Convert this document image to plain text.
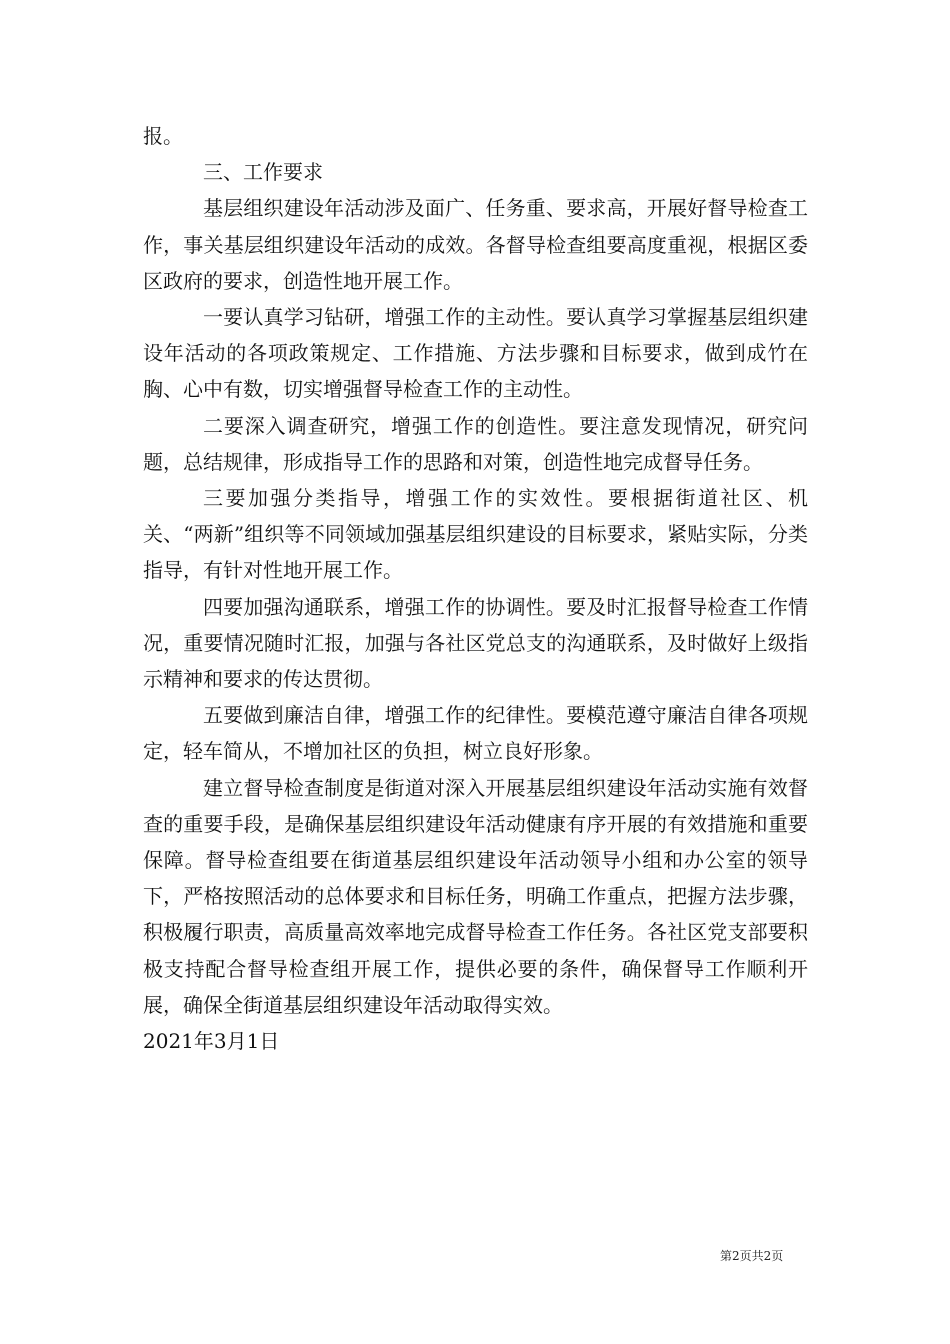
报。

三、工作要求

基层组织建设年活动涉及面广、任务重、要求高，开展好督导检查工作，事关基层组织建设年活动的成效。各督导检查组要高度重视，根据区委区政府的要求，创造性地开展工作。

一要认真学习钻研，增强工作的主动性。要认真学习掌握基层组织建设年活动的各项政策规定、工作措施、方法步骤和目标要求，做到成竹在胸、心中有数，切实增强督导检查工作的主动性。

二要深入调查研究，增强工作的创造性。要注意发现情况，研究问题，总结规律，形成指导工作的思路和对策，创造性地完成督导任务。

三要加强分类指导，增强工作的实效性。要根据街道社区、机关、“两新”组织等不同领域加强基层组织建设的目标要求，紧贴实际，分类指导，有针对性地开展工作。

四要加强沟通联系，增强工作的协调性。要及时汇报督导检查工作情况，重要情况随时汇报，加强与各社区党总支的沟通联系，及时做好上级指示精神和要求的传达贯彻。

五要做到廉洁自律，增强工作的纪律性。要模范遵守廉洁自律各项规定，轻车简从，不增加社区的负担，树立良好形象。

建立督导检查制度是街道对深入开展基层组织建设年活动实施有效督查的重要手段，是确保基层组织建设年活动健康有序开展的有效措施和重要保障。督导检查组要在街道基层组织建设年活动领导小组和办公室的领导下，严格按照活动的总体要求和目标任务，明确工作重点，把握方法步骤，积极履行职责，高质量高效率地完成督导检查工作任务。各社区党支部要积极支持配合督导检查组开展工作，提供必要的条件，确保督导工作顺利开展，确保全街道基层组织建设年活动取得实效。

2021年3月1日

第2页共2页
